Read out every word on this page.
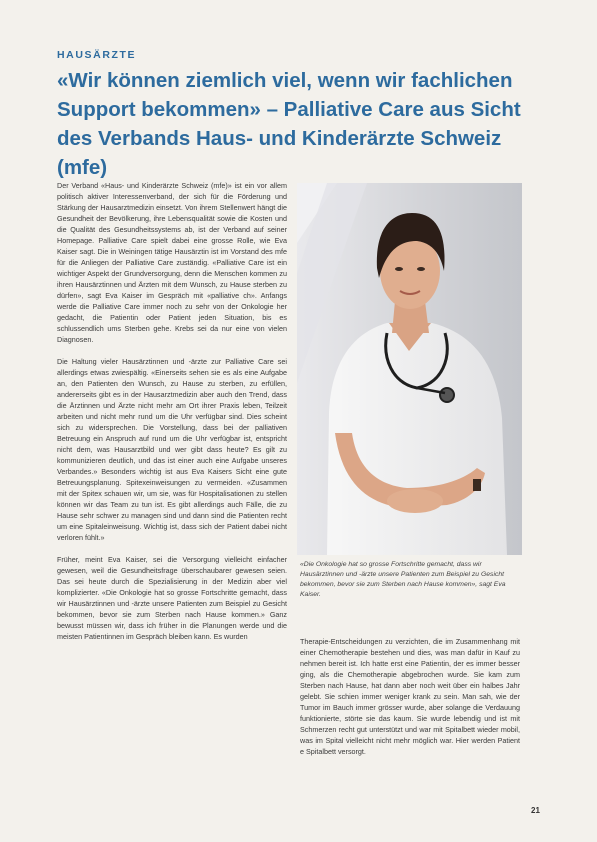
HAUSÄRZTE
«Wir können ziemlich viel, wenn wir fachlichen Support bekommen» – Palliative Care aus Sicht des Verbands Haus- und Kinderärzte Schweiz (mfe)

Der Verband «Haus- und Kinderärzte Schweiz (mfe)» ist ein vor allem politisch aktiver Interessenverband, der sich für die Förderung und Stärkung der Hausarztmedizin einsetzt. Von ihrem Stellenwert hängt die Gesundheit der Bevölkerung, ihre Lebensqualität sowie die Kosten und die Qualität des Gesundheitssystems ab, ist der Verband auf seiner Homepage. Palliative Care spielt dabei eine grosse Rolle, wie Eva Kaiser sagt. Die in Weiningen tätige Hausärztin ist im Vorstand des mfe für die Anliegen der Palliative Care zuständig. «Palliative Care ist ein wichtiger Aspekt der Grundversorgung, denn die Menschen kommen zu ihren Hausärztinnen und Ärzten mit dem Wunsch, zu Hause sterben zu dürfen», sagt Eva Kaiser im Gespräch mit «palliative ch». Anfangs werde die Palliative Care immer noch zu sehr von der Onkologie her gedacht, die Patientin oder Patient jeden Situation, bis es schlussendlich ums Sterben gehe. Krebs sei da nur eine von vielen Diagnosen.

Die Haltung vieler Hausärztinnen und -ärzte zur Palliative Care sei allerdings etwas zwiespältig. «Einerseits sehen sie es als eine Aufgabe an, den Patienten den Wunsch, zu Hause zu sterben, zu erfüllen, andererseits gibt es in der Hausarztmedizin aber auch den Trend, dass die Ärztinnen und Ärzte nicht mehr am Ort ihrer Praxis leben, Teilzeit arbeiten und nicht mehr rund um die Uhr verfügbar sind. Dies scheint sich zu widersprechen. Die Vorstellung, dass bei der palliativen Betreuung ein Anspruch auf rund um die Uhr verfügbar ist, entspricht nicht dem, was Hausarztbild und wer gibt dass heute? Es gilt zu kommunizieren deutlich, und das ist einer auch eine Aufgabe unseres Verbandes.» Besonders wichtig ist aus Eva Kaisers Sicht eine gute Betreuungsplanung. Spitexeinweisungen zu vermeiden. «Zusammen mit der Spitex schauen wir, um sie, was für Hospitalisationen zu stellen können wir das Team zu tun ist. Es gibt allerdings auch Fälle, die zu Hause sehr schwer zu managen sind und dann sind die Patienten recht um eine Spitaleinweisung. Wichtig ist, dass sich der Patient dabei nicht verloren fühlt.»

Früher, meint Eva Kaiser, sei die Versorgung vielleicht einfacher gewesen, weil die Gesundheitsfrage überschaubarer gewesen seien. Das sei heute durch die Spezialisierung in der Medizin aber viel komplizierter. «Die Onkologie hat so grosse Fortschritte gemacht, dass wir Hausärztinnen und -ärzte unsere Patienten zum Beispiel zu Gesicht bekommen, bevor sie zum Sterben nach Hause kommen.» Ganz bewusst müssen wir, dass ich früher in die Planungen werde und die meisten Patientinnen im Gespräch bleiben kann. Es wurden

«Die Onkologie hat so grosse Fortschritte gemacht, dass wir Hausärztinnen und -ärzte unsere Patienten zum Beispiel zu Gesicht bekommen, bevor sie zum Sterben nach Hause kommen», sagt Eva Kaiser.

Therapie-Entscheidungen zu verzichten, die im Zusammenhang mit einer Chemotherapie bestehen und dies, was man dafür in Kauf zu nehmen bereit ist. Ich hatte erst eine Patientin, der es immer besser ging, als die Chemotherapie abgebrochen wurde. Sie kam zum Sterben nach Hause, hat dann aber noch weit über ein halbes Jahr gelebt. Sie schien immer weniger krank zu sein. Man sah, wie der Tumor im Bauch immer grösser wurde, aber solange die Verdauung funktionierte, störte sie das kaum. Sie wurde lebendig und ist mit Schmerzen recht gut unterstützt und war mit Spitalbett wieder mobil, was im Spital vielleicht nicht mehr möglich war. Hier werden Patient e Spitalbett versorgt.

21
